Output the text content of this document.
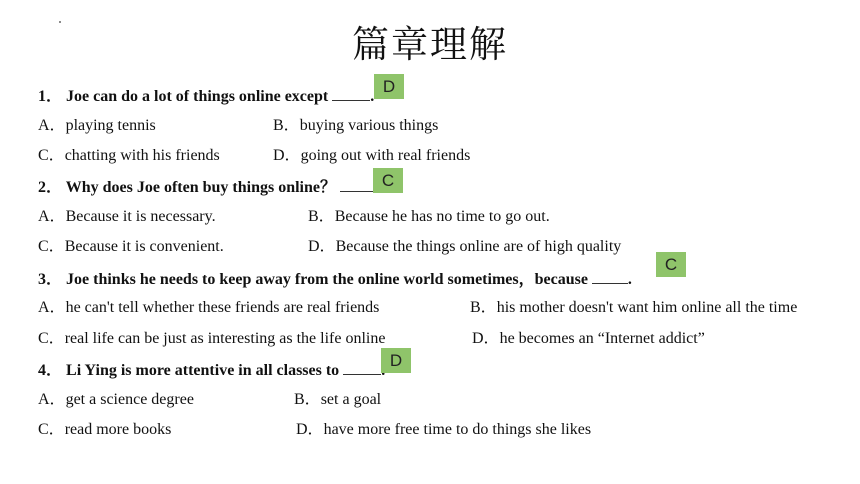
篇章理解
1． Joe can do a lot of things online except	.
D
A．playing tennis	B．buying various things
C．chatting with his friends	D．going out with real friends
2． Why does Joe often buy things online？	C
A．Because it is necessary.	B．Because he has no time to go out.
C．Because it is convenient.	D．Because the things online are of high quality
3． Joe thinks he needs to keep away from the online world sometimes，because	.
C
A．he can't tell whether these friends are real friends	B．his mother doesn't want him online all the time
C．real life can be just as interesting as the life online	D．he becomes an “Internet addict”
4． Li Ying is more attentive in all classes to
D
A．get a science degree	B．set a goal
C．read more books	D．have more free time to do things she likes
